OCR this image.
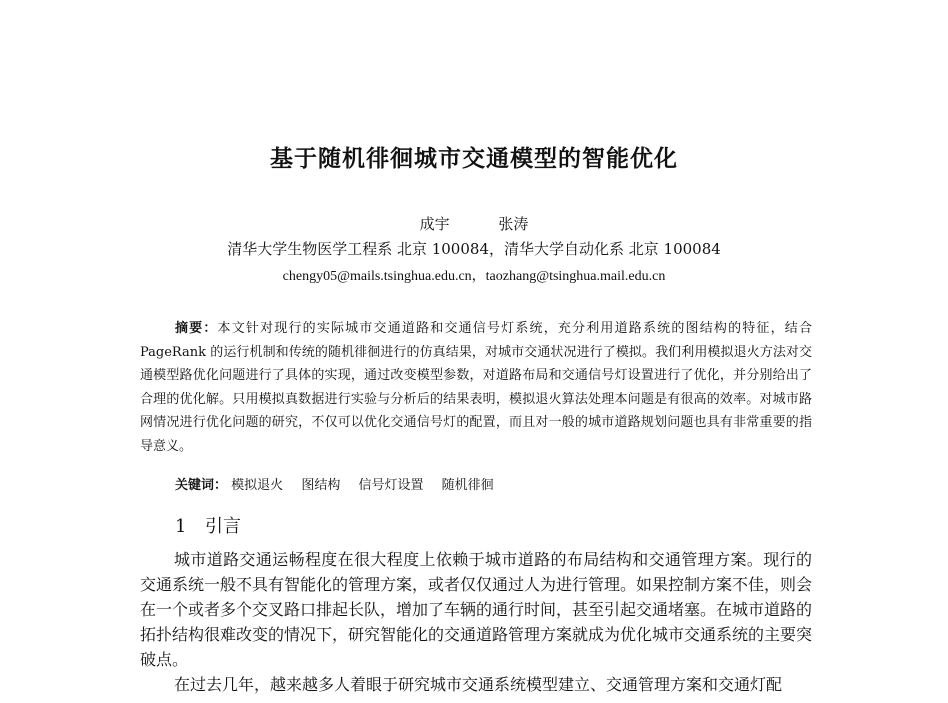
基于随机徘徊城市交通模型的智能优化
成宇	张涛
清华大学生物医学工程系 北京 100084，清华大学自动化系 北京 100084
chengy05@mails.tsinghua.edu.cn，taozhang@tsinghua.mail.edu.cn
摘要：本文针对现行的实际城市交通道路和交通信号灯系统，充分利用道路系统的图结构的特征，结合 PageRank 的运行机制和传统的随机徘徊进行的仿真结果，对城市交通状况进行了模拟。我们利用模拟退火方法对交通模型路优化问题进行了具体的实现，通过改变模型参数，对道路布局和交通信号灯设置进行了优化，并分别给出了合理的优化解。只用模拟真数据进行实验与分析后的结果表明，模拟退火算法处理本问题是有很高的效率。对城市路网情况进行优化问题的研究，不仅可以优化交通信号灯的配置，而且对一般的城市道路规划问题也具有非常重要的指导意义。
关键词： 模拟退火 图结构 信号灯设置 随机徘徊
1 引言

城市道路交通运畅程度在很大程度上依赖于城市道路的布局结构和交通管理方案。现行的交通系统一般不具有智能化的管理方案，或者仅仅通过人为进行管理。如果控制方案不佳，则会在一个或者多个交叉路口排起长队，增加了车辆的通行时间，甚至引起交通堵塞。在城市道路的拓扑结构很难改变的情况下，研究智能化的交通道路管理方案就成为优化城市交通系统的主要突破点。

在过去几年，越来越多人着眼于研究城市交通系统模型建立、交通管理方案和交通灯配
